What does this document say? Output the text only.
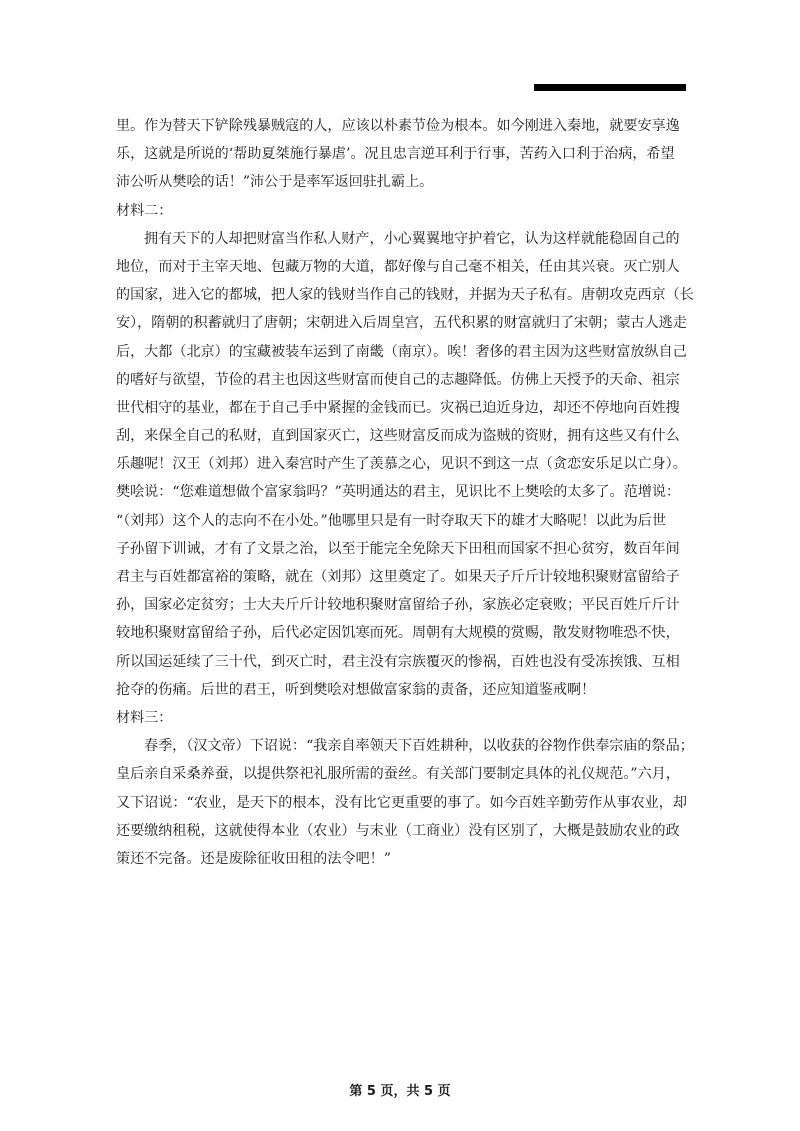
里。作为替天下铲除残暴贼寇的人，应该以朴素节俭为根本。如今刚进入秦地，就要安享逸
乐，这就是所说的‘帮助夏桀施行暴虐’。况且忠言逆耳利于行事，苦药入口利于治病，希望
沛公听从樊哙的话！”沛公于是率军返回驻扎霸上。
材料二：
拥有天下的人却把财富当作私人财产，小心翼翼地守护着它，认为这样就能稳固自己的
地位，而对于主宰天地、包藏万物的大道，都好像与自己毫不相关，任由其兴衰。灭亡别人
的国家，进入它的都城，把人家的钱财当作自己的钱财，并据为天子私有。唐朝攻克西京（长
安），隋朝的积蓄就归了唐朝；宋朝进入后周皇宫，五代积累的财富就归了宋朝；蒙古人逃走
后，大都（北京）的宝藏被装车运到了南畿（南京）。唉！奢侈的君主因为这些财富放纵自己
的嗜好与欲望，节俭的君主也因这些财富而使自己的志趣降低。仿佛上天授予的天命、祖宗
世代相守的基业，都在于自己手中紧握的金钱而已。灾祸已迫近身边，却还不停地向百姓搜
刮，来保全自己的私财，直到国家灭亡，这些财富反而成为盗贼的资财，拥有这些又有什么
乐趣呢！汉王（刘邦）进入秦宫时产生了羡慕之心，见识不到这一点（贪恋安乐足以亡身）。
樊哙说：“您难道想做个富家翁吗？”英明通达的君主，见识比不上樊哙的太多了。范增说：
“（刘邦）这个人的志向不在小处。”他哪里只是有一时夺取天下的雄才大略呢！以此为后世
子孙留下训诫，才有了文景之治，以至于能完全免除天下田租而国家不担心贫穷，数百年间
君主与百姓都富裕的策略，就在（刘邦）这里奠定了。如果天子斤斤计较地积聚财富留给子
孙，国家必定贫穷；士大夫斤斤计较地积聚财富留给子孙，家族必定衰败；平民百姓斤斤计
较地积聚财富留给子孙，后代必定因饥寒而死。周朝有大规模的赏赐，散发财物唯恐不快，
所以国运延续了三十代，到灭亡时，君主没有宗族覆灭的惨祸，百姓也没有受冻挨饿、互相
抢夺的伤痛。后世的君王，听到樊哙对想做富家翁的责备，还应知道鉴戒啊！
材料三：
春季，（汉文帝）下诏说：“我亲自率领天下百姓耕种，以收获的谷物作供奉宗庙的祭品；
皇后亲自采桑养蚕，以提供祭祀礼服所需的蚕丝。有关部门要制定具体的礼仪规范。”六月，
又下诏说：“农业，是天下的根本，没有比它更重要的事了。如今百姓辛勤劳作从事农业，却
还要缴纳租税，这就使得本业（农业）与末业（工商业）没有区别了，大概是鼓励农业的政
策还不完备。还是废除征收田租的法令吧！”
第 5 页，共 5 页
